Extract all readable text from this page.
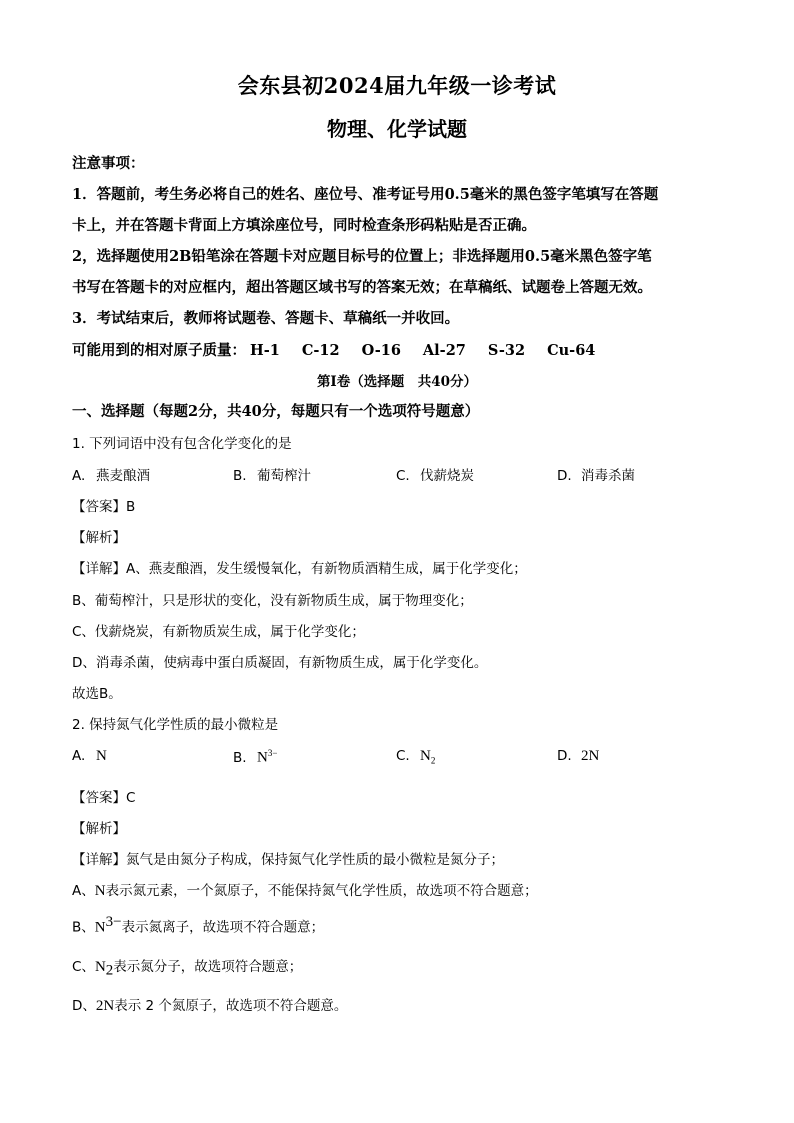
会东县初2024届九年级一诊考试
物理、化学试题
注意事项：
1．答题前，考生务必将自己的姓名、座位号、准考证号用0.5毫米的黑色签字笔填写在答题
卡上，并在答题卡背面上方填涂座位号，同时检查条形码粘贴是否正确。
2，选择题使用2B铅笔涂在答题卡对应题目标号的位置上；非选择题用0.5毫米黑色签字笔
书写在答题卡的对应框内，超出答题区域书写的答案无效；在草稿纸、试题卷上答题无效。
3．考试结束后，教师将试题卷、答题卡、草稿纸一并收回。
可能用到的相对原子质量： H-1 C-12 O-16 Al-27 S-32 Cu-64
第Ⅰ卷（选择题　共40分）
一、选择题（每题2分，共40分，每题只有一个选项符号题意）
1. 下列词语中没有包含化学变化的是
A. 燕麦酿酒	B. 葡萄榨汁	C. 伐薪烧炭	D. 消毒杀菌
【答案】B
【解析】
【详解】A、燕麦酿酒，发生缓慢氧化，有新物质酒精生成，属于化学变化；
B、葡萄榨汁，只是形状的变化，没有新物质生成，属于物理变化；
C、伐薪烧炭，有新物质炭生成，属于化学变化；
D、消毒杀菌，使病毒中蛋白质凝固，有新物质生成，属于化学变化。
故选B。
2. 保持氮气化学性质的最小微粒是
A. N	B. $N^{3-}$	C. $N_2$	D. 2N
【答案】C
【解析】
【详解】氮气是由氮分子构成，保持氮气化学性质的最小微粒是氮分子；
A、N表示氮元素，一个氮原子，不能保持氮气化学性质，故选项不符合题意；
B、$N^{3-}$表示氮离子，故选项不符合题意；
C、$N_2$表示氮分子，故选项符合题意；
D、2N表示 2 个氮原子，故选项不符合题意。
